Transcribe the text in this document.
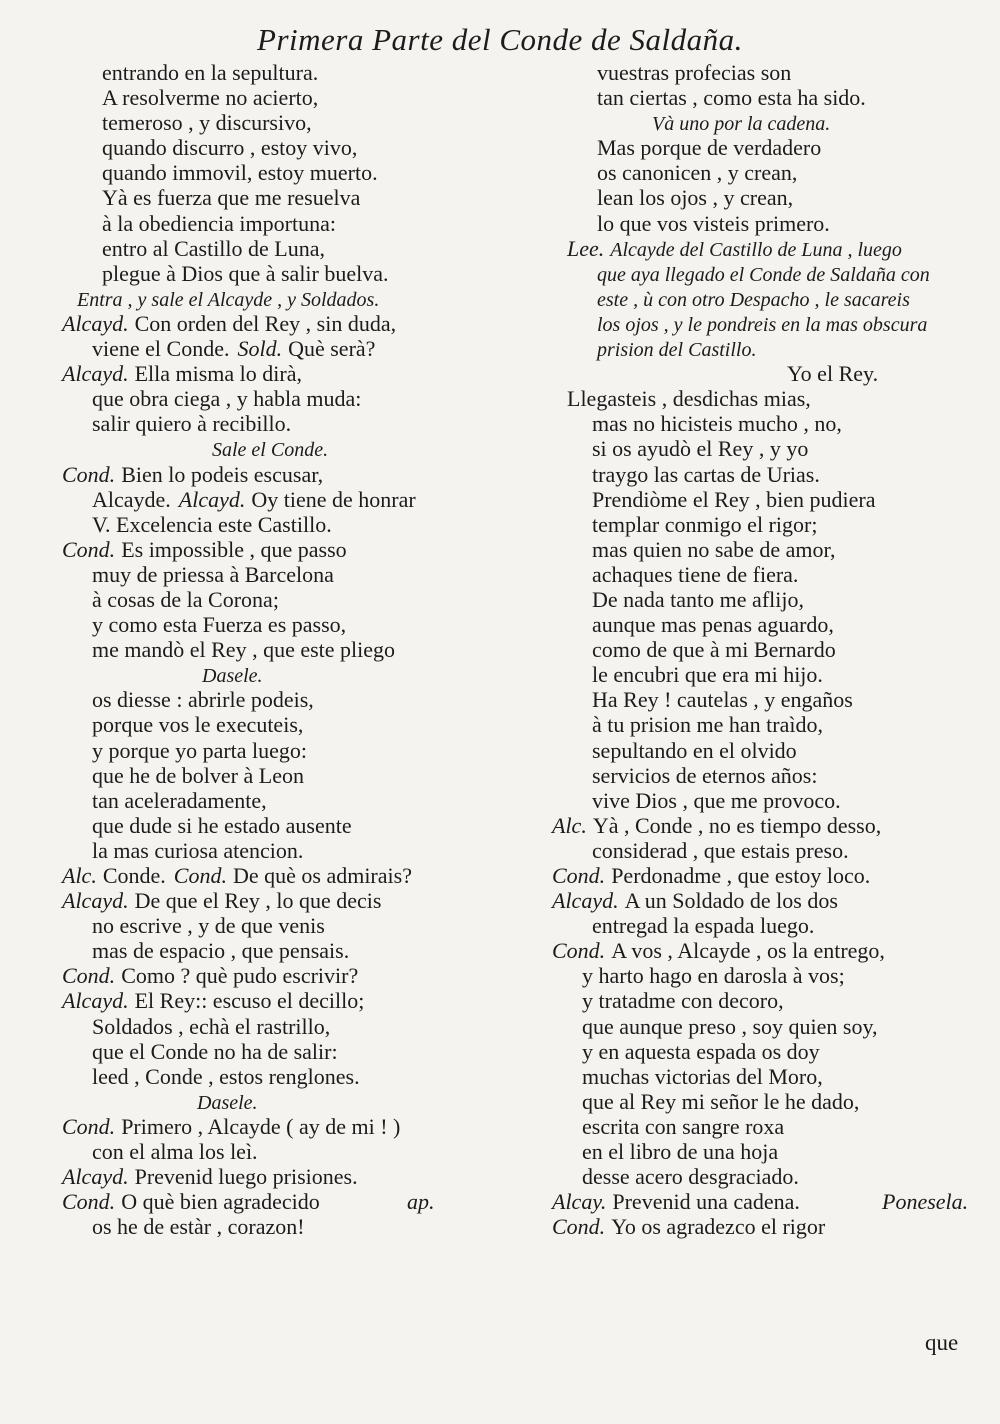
Primera Parte del Conde de Saldaña.
entrando en la sepultura.
A resolverme no acierto,
temeroso , y discursivo,
quando discurro , estoy vivo,
quando immovil, estoy muerto.
Yà es fuerza que me resuelva
à la obediencia importuna:
entro al Castillo de Luna,
plegue à Dios que à salir buelva.
Entra , y sale el Alcayde , y Soldados.
Alcayd. Con orden del Rey , sin duda,
viene el Conde. Sold. Què serà?
Alcayd. Ella misma lo dirà,
que obra ciega , y habla muda:
salir quiero à recibillo.
Sale el Conde.
Cond. Bien lo podeis escusar,
Alcayde. Alcayd. Oy tiene de honrar
V. Excelencia este Castillo.
Cond. Es impossible , que passo
muy de priessa à Barcelona
à cosas de la Corona;
y como esta Fuerza es passo,
me mandò el Rey , que este pliego
Dasele.
os diesse : abrirle podeis,
porque vos le executeis,
y porque yo parta luego:
que he de bolver à Leon
tan aceleradamente,
que dude si he estado ausente
la mas curiosa atencion.
Alc. Conde. Cond. De què os admirais?
Alcayd. De que el Rey , lo que decis
no escrive , y de que venis
mas de espacio , que pensais.
Cond. Como ? què pudo escrivir?
Alcayd. El Rey:: escuso el decillo;
Soldados , echà el rastrillo,
que el Conde no ha de salir:
leed , Conde , estos renglones.
Dasele.
Cond. Primero , Alcayde ( ay de mi ! )
con el alma los leì.
Alcayd. Prevenid luego prisiones.
Cond. O què bien agradecido	ap.
os he de estàr , corazon!
vuestras profecias son
tan ciertas , como esta ha sido.
Và uno por la cadena.
Mas porque de verdadero
os canonicen , y crean,
lean los ojos , y crean,
lo que vos visteis primero.
Lee. Alcayde del Castillo de Luna , luego
que aya llegado el Conde de Saldaña con
este , ù con otro Despacho , le sacareis
los ojos , y le pondreis en la mas obscura
prision del Castillo.
Yo el Rey.
Llegasteis , desdichas mias,
mas no hicisteis mucho , no,
si os ayudò el Rey , y yo
traygo las cartas de Urias.
Prendiòme el Rey , bien pudiera
templar conmigo el rigor;
mas quien no sabe de amor,
achaques tiene de fiera.
De nada tanto me aflijo,
aunque mas penas aguardo,
como de que à mi Bernardo
le encubri que era mi hijo.
Ha Rey ! cautelas , y engaños
à tu prision me han traìdo,
sepultando en el olvido
servicios de eternos años:
vive Dios , que me provoco.
Alc. Yà , Conde , no es tiempo desso,
considerad , que estais preso.
Cond. Perdonadme , que estoy loco.
Alcayd. A un Soldado de los dos
entregad la espada luego.
Cond. A vos , Alcayde , os la entrego,
y harto hago en darosla à vos;
y tratadme con decoro,
que aunque preso , soy quien soy,
y en aquesta espada os doy
muchas victorias del Moro,
que al Rey mi señor le he dado,
escrita con sangre roxa
en el libro de una hoja
desse acero desgraciado.
Alcay. Prevenid una cadena.	Ponesela.
Cond. Yo os agradezco el rigor
que
